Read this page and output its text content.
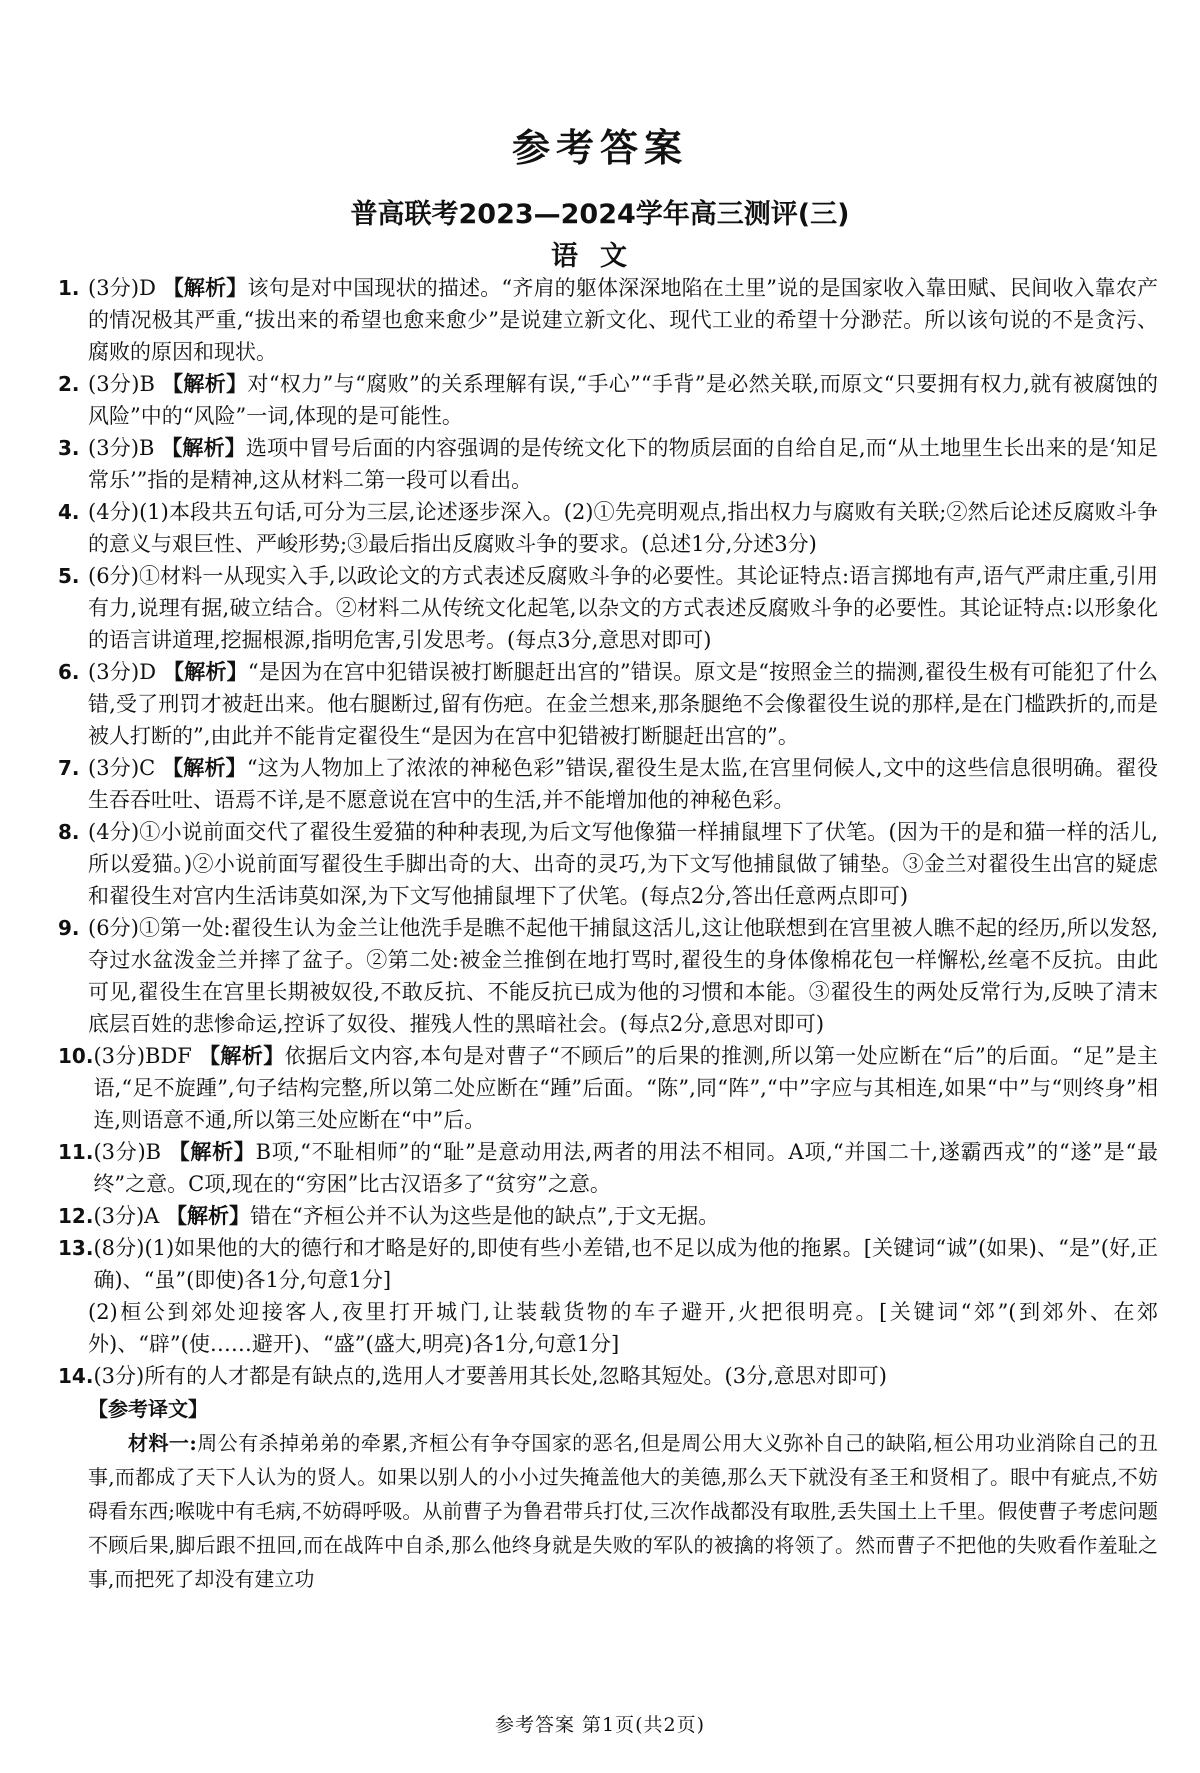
参考答案
普高联考2023—2024学年高三测评(三)
语文
1. (3分)D 【解析】该句是对中国现状的描述。“齐肩的躯体深深地陷在土里”说的是国家收入靠田赋、民间收入靠农产的情况极其严重,“拔出来的希望也愈来愈少”是说建立新文化、现代工业的希望十分渺茫。所以该句说的不是贪污、腐败的原因和现状。
2. (3分)B 【解析】对“权力”与“腐败”的关系理解有误,“手心”“手背”是必然关联,而原文“只要拥有权力,就有被腐蚀的风险”中的“风险”一词,体现的是可能性。
3. (3分)B 【解析】选项中冒号后面的内容强调的是传统文化下的物质层面的自给自足,而“从土地里生长出来的是‘知足常乐’”指的是精神,这从材料二第一段可以看出。
4. (4分)(1)本段共五句话,可分为三层,论述逐步深入。(2)①先亮明观点,指出权力与腐败有关联;②然后论述反腐败斗争的意义与艰巨性、严峻形势;③最后指出反腐败斗争的要求。(总述1分,分述3分)
5. (6分)①材料一从现实入手,以政论文的方式表述反腐败斗争的必要性。其论证特点:语言掷地有声,语气严肃庄重,引用有力,说理有据,破立结合。②材料二从传统文化起笔,以杂文的方式表述反腐败斗争的必要性。其论证特点:以形象化的语言讲道理,挖掘根源,指明危害,引发思考。(每点3分,意思对即可)
6. (3分)D 【解析】“是因为在宫中犯错误被打断腿赶出宫的”错误。原文是“按照金兰的揣测,翟役生极有可能犯了什么错,受了刑罚才被赶出来。他右腿断过,留有伤疤。在金兰想来,那条腿绝不会像翟役生说的那样,是在门槛跌折的,而是被人打断的”,由此并不能肯定翟役生“是因为在宫中犯错被打断腿赶出宫的”。
7. (3分)C 【解析】“这为人物加上了浓浓的神秘色彩”错误,翟役生是太监,在宫里伺候人,文中的这些信息很明确。翟役生吞吞吐吐、语焉不详,是不愿意说在宫中的生活,并不能增加他的神秘色彩。
8. (4分)①小说前面交代了翟役生爱猫的种种表现,为后文写他像猫一样捕鼠埋下了伏笔。(因为干的是和猫一样的活儿,所以爱猫。)②小说前面写翟役生手脚出奇的大、出奇的灵巧,为下文写他捕鼠做了铺垫。③金兰对翟役生出宫的疑虑和翟役生对宫内生活讳莫如深,为下文写他捕鼠埋下了伏笔。(每点2分,答出任意两点即可)
9. (6分)①第一处:翟役生认为金兰让他洗手是瞧不起他干捕鼠这活儿,这让他联想到在宫里被人瞧不起的经历,所以发怒,夺过水盆泼金兰并摔了盆子。②第二处:被金兰推倒在地打骂时,翟役生的身体像棉花包一样懈松,丝毫不反抗。由此可见,翟役生在宫里长期被奴役,不敢反抗、不能反抗已成为他的习惯和本能。③翟役生的两处反常行为,反映了清末底层百姓的悲惨命运,控诉了奴役、摧残人性的黑暗社会。(每点2分,意思对即可)
10. (3分)BDF 【解析】依据后文内容,本句是对曹子“不顾后”的后果的推测,所以第一处应断在“后”的后面。“足”是主语,“足不旋踵”,句子结构完整,所以第二处应断在“踵”后面。“陈”,同“阵”,“中”字应与其相连,如果“中”与“则终身”相连,则语意不通,所以第三处应断在“中”后。
11. (3分)B 【解析】B项,“不耻相师”的“耻”是意动用法,两者的用法不相同。A项,“并国二十,遂霸西戎”的“遂”是“最终”之意。C项,现在的“穷困”比古汉语多了“贫穷”之意。
12. (3分)A 【解析】错在“齐桓公并不认为这些是他的缺点”,于文无据。
13. (8分)(1)如果他的大的德行和才略是好的,即使有些小差错,也不足以成为他的拖累。[关键词“诚”(如果)、“是”(好,正确)、“虽”(即使)各1分,句意1分]
(2)桓公到郊处迎接客人,夜里打开城门,让装载货物的车子避开,火把很明亮。[关键词“郊”(到郊外、在郊外)、“辟”(使……避开)、“盛”(盛大,明亮)各1分,句意1分]
14. (3分)所有的人才都是有缺点的,选用人才要善用其长处,忽略其短处。(3分,意思对即可)
【参考译文】
材料一:周公有杀掉弟弟的牵累,齐桓公有争夺国家的恶名,但是周公用大义弥补自己的缺陷,桓公用功业消除自己的丑事,而都成了天下人认为的贤人。如果以别人的小小过失掩盖他大的美德,那么天下就没有圣王和贤相了。眼中有疵点,不妨碍看东西;喉咙中有毛病,不妨碍呼吸。从前曹子为鲁君带兵打仗,三次作战都没有取胜,丢失国土上千里。假使曹子考虑问题不顾后果,脚后跟不扭回,而在战阵中自杀,那么他终身就是失败的军队的被擒的将领了。然而曹子不把他的失败看作羞耻之事,而把死了却没有建立功
参考答案 第1页(共2页)
